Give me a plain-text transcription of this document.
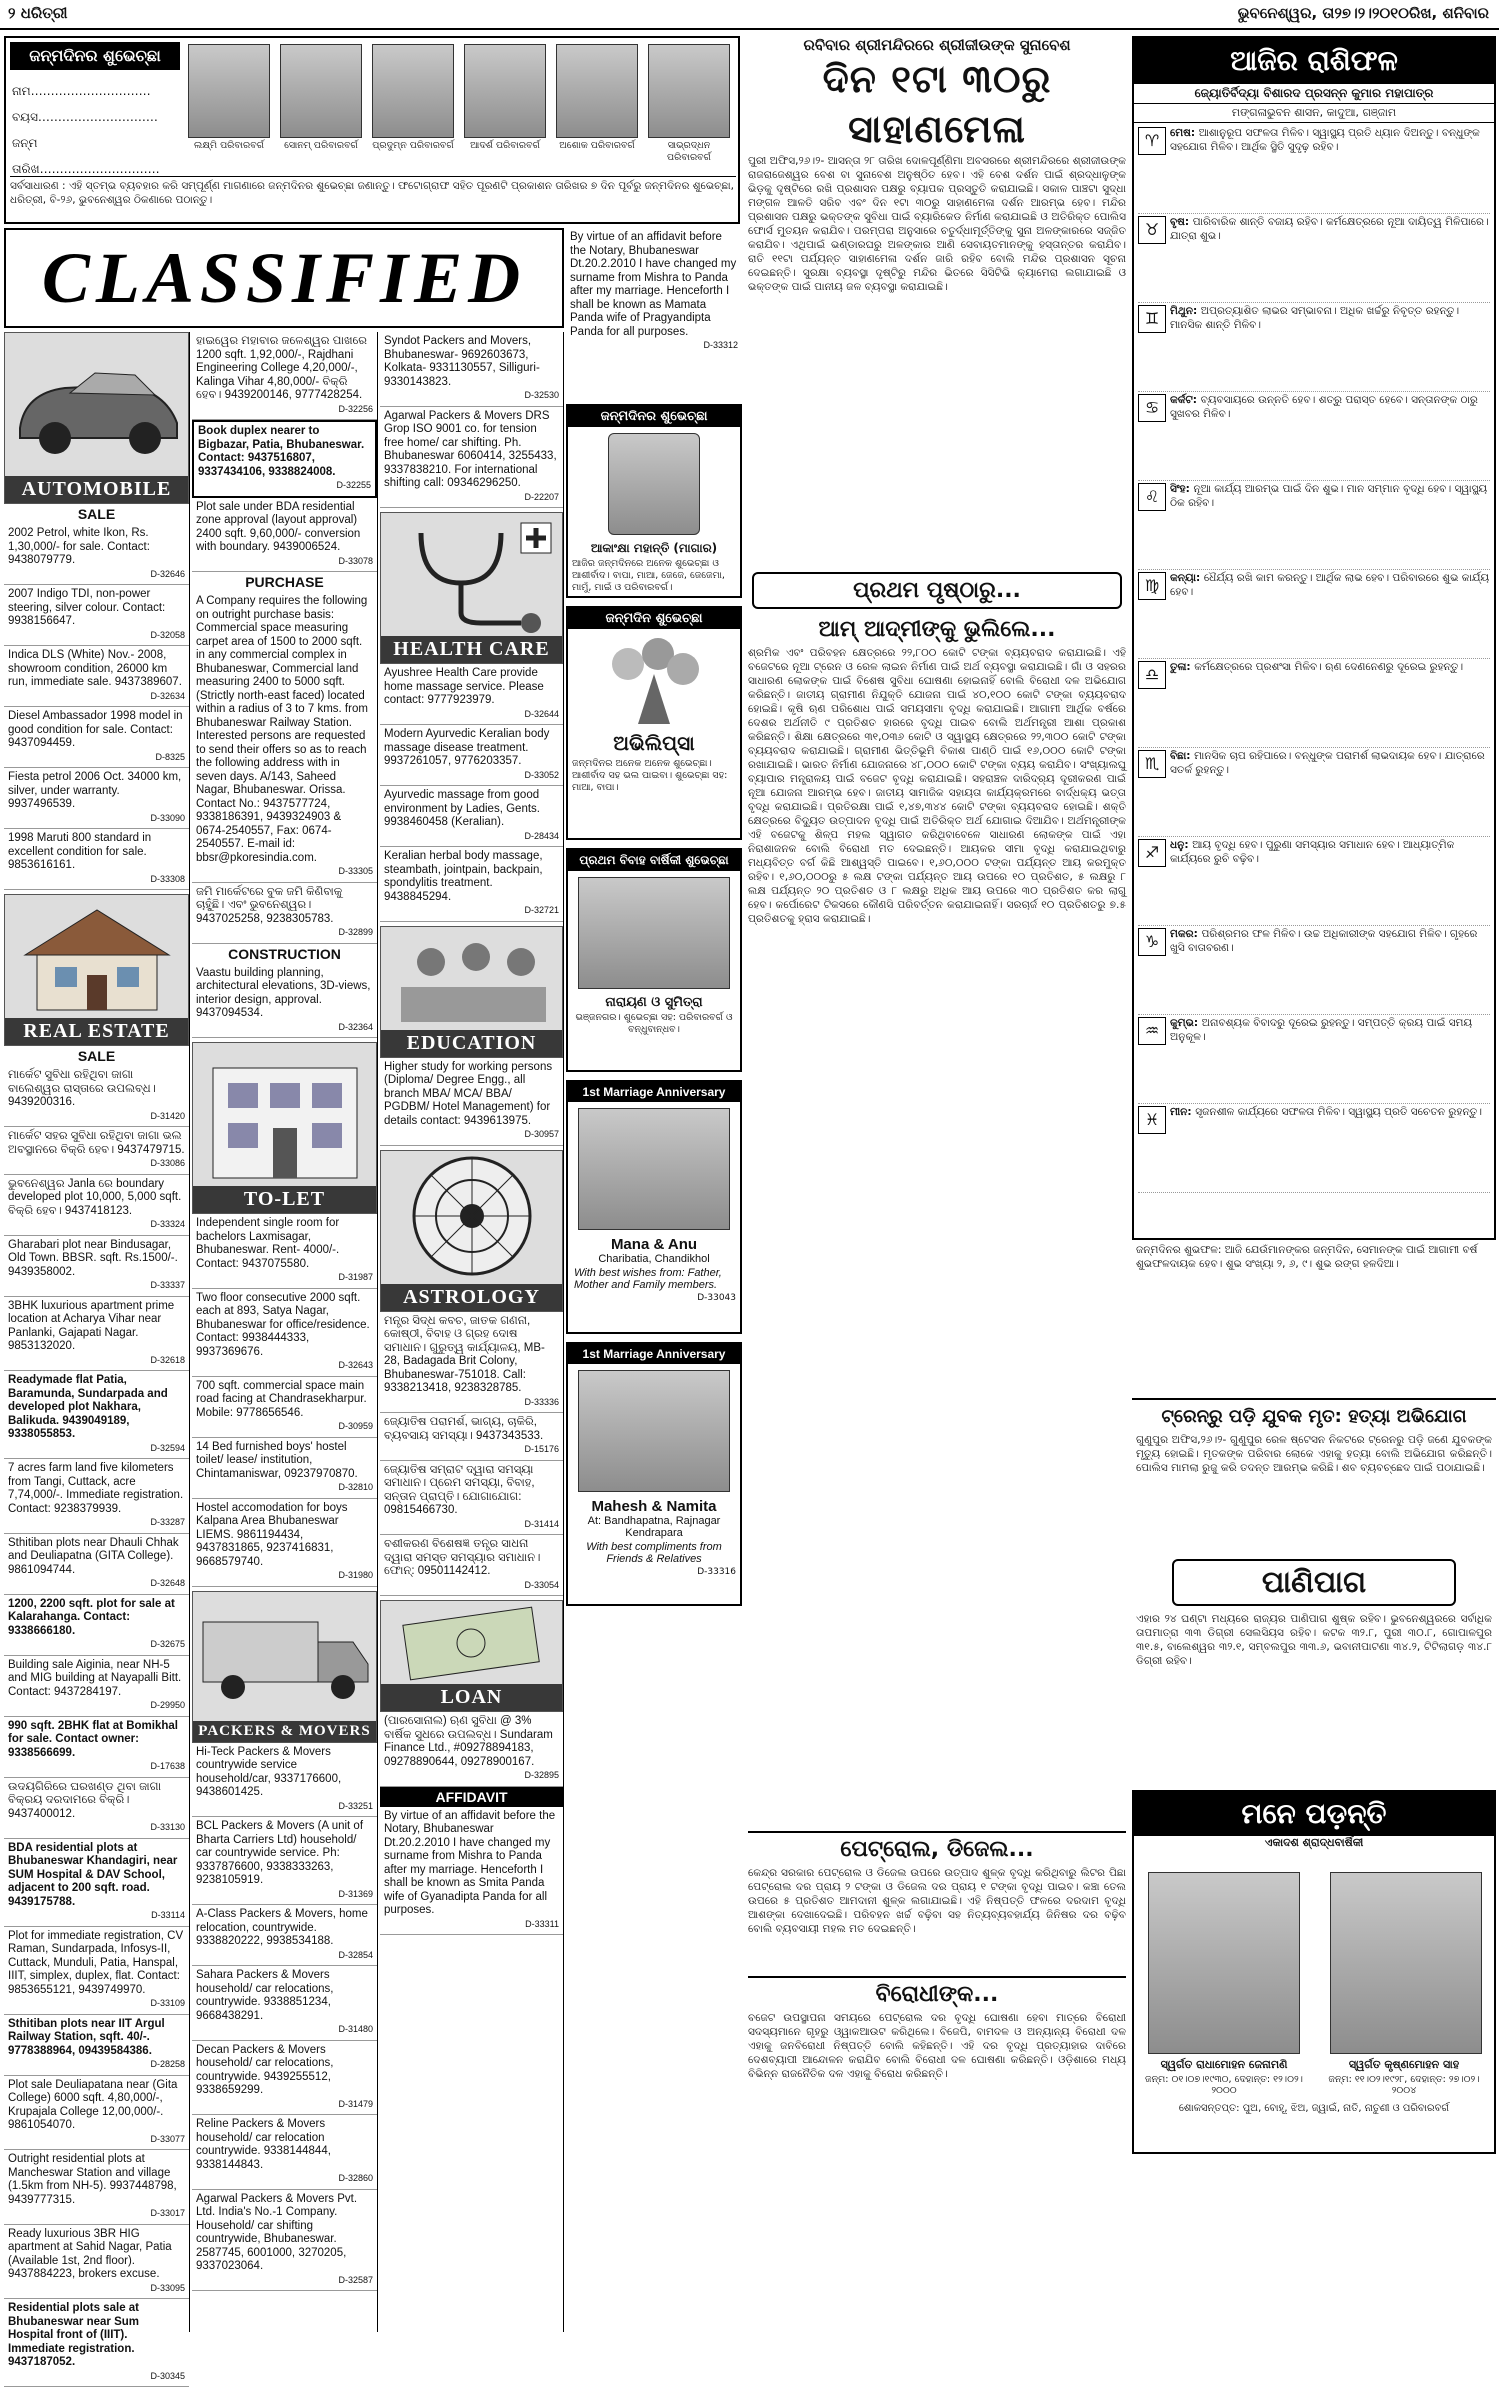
୨ ଧରିତ୍ରୀ	ଭୁବନେଶ୍ୱର, ତା୨୭।୨।୨୦୧୦ରିଖ, ଶନିବାର
ଜନ୍ମଦିନର ଶୁଭେଚ୍ଛା
ନାମ…………………………
ବୟସ…………………………
ଜନ୍ମ ତାରିଖ…………………………
ଲକ୍ଷ୍ମି ପରିବାରବର୍ଗ	ସୋନମ୍ ପରିବାରବର୍ଗ	ପ୍ରଦୁମ୍ନ ପରିବାରବର୍ଗ	ଆଦର୍ଶ ପରିବାରବର୍ଗ	ଅଶୋକ ପରିବାରବର୍ଗ	ସାଭ୍ରଦ୍ଧନ ପରିବାରବର୍ଗ
ସର୍ବସାଧାରଣ : ଏହି ସ୍ତମ୍ଭ ବ୍ୟବହାର କରି ସମ୍ପୂର୍ଣ୍ଣ ମାଗଣାରେ ଜନ୍ମଦିନର ଶୁଭେଚ୍ଛା ଜଣାନ୍ତୁ। ଫଟୋଗ୍ରାଫ ସହିତ ପୂରଣଟି ପ୍ରକାଶନ ତାରିଖର ୭ ଦିନ ପୂର୍ବରୁ ଜନ୍ମଦିନର ଶୁଭେଚ୍ଛା, ଧରିତ୍ରୀ, ବି-୨୬, ଭୁବନେଶ୍ୱର ଠିକଣାରେ ପଠାନ୍ତୁ।
CLASSIFIED
By virtue of an affidavit before the Notary, Bhubaneswar Dt.20.2.2010 I have changed my surname from Mishra to Panda after my marriage. Henceforth I shall be known as Mamata Panda wife of Pragyandipta Panda for all purposes.
D-33312
AUTOMOBILE
SALE
2002 Petrol, white Ikon, Rs. 1,30,000/- for sale. Contact: 9438079779.
D-32646
2007 Indigo TDI, non-power steering, silver colour. Contact: 9938156647.
D-32058
Indica DLS (White) Nov.- 2008, showroom condition, 26000 km run, immediate sale. 9437389607.
D-32634
Diesel Ambassador 1998 model in good condition for sale. Contact: 9437094459.
D-8325
Fiesta petrol 2006 Oct. 34000 km, silver, under warranty. 9937496539.
D-33090
1998 Maruti 800 standard in excellent condition for sale. 9853616161.
D-33308
REAL ESTATE
SALE
ମାର୍କେଟ ସୁବିଧା ରହିଥିବା ଜାଗା ବାଲେଶ୍ୱର ରାସ୍ତାରେ ଉପଲବ୍ଧ। 9439200316.
D-31420
ମାର୍କେଟ ସହର ସୁବିଧା ରହିଥିବା ଜାଗା ଭଲ ଅବସ୍ଥାନରେ ବିକ୍ରି ହେବ। 9437479715.
D-33086
ଭୁବନେଶ୍ୱର Janla ରେ boundary developed plot 10,000, 5,000 sqft. ବିକ୍ରି ହେବ। 9437418123.
D-33324
Gharabari plot near Bindusagar, Old Town. BBSR. sqft. Rs.1500/-. 9439358002.
D-33337
3BHK luxurious apartment prime location at Acharya Vihar near Panlanki, Gajapati Nagar. 9853132020.
D-32618
Readymade flat Patia, Baramunda, Sundarpada and developed plot Nakhara, Balikuda. 9439049189, 9338055853.
D-32594
7 acres farm land five kilometers from Tangi, Cuttack, acre 7,74,000/-. Immediate registration. Contact: 9238379939.
D-33287
Sthitiban plots near Dhauli Chhak and Deuliapatna (GITA College). 9861094744.
D-32648
1200, 2200 sqft. plot for sale at Kalarahanga. Contact: 9338666180.
D-32675
Building sale Aiginia, near NH-5 and MIG building at Nayapalli Bitt. Contact: 9437284197.
D-29950
990 sqft. 2BHK flat at Bomikhal for sale. Contact owner: 9338566699.
D-17638
ଉଦୟଗିରିରେ ଘରଖଣ୍ଡ ଥିବା ଜାଗା ବିକ୍ରୟ ଦରଦାମରେ ବିକ୍ରି। 9437400012.
D-33130
BDA residential plots at Bhubaneswar Khandagiri, near SUM Hospital & DAV School, adjacent to 200 sqft. road. 9439175788.
D-33114
Plot for immediate registration, CV Raman, Sundarpada, Infosys-II, Cuttack, Munduli, Patia, Hanspal, IIIT, simplex, duplex, flat. Contact: 9853655121, 9439749970.
D-33109
Sthitiban plots near IIT Argul Railway Station, sqft. 40/-. 9778388964, 09439584386.
D-28258
Plot sale Deuliapatana near (Gita College) 6000 sqft. 4,80,000/-, Krupajala College 12,00,000/-. 9861054070.
D-33077
Outright residential plots at Mancheswar Station and village (1.5km from NH-5). 9937448798, 9439777315.
D-33017
Ready luxurious 3BR HIG apartment at Sahid Nagar, Patia (Available 1st, 2nd floor). 9437884223, brokers excuse.
D-33095
Residential plots sale at Bhubaneswar near Sum Hospital front of (IIIT). Immediate registration. 9437187052.
D-30345
ହାଇୱେର ମହାବାର ଜଳେଶ୍ୱର ପାଖରେ 1200 sqft. 1,92,000/-, Rajdhani Engineering College 4,20,000/-, Kalinga Vihar 4,80,000/- ବିକ୍ରି ହେବ। 9439200146, 9777428254.
D-32256
Book duplex nearer to Bigbazar, Patia, Bhubaneswar. Contact: 9437516807, 9337434106, 9338824008.
D-32255
Plot sale under BDA residential zone approval (layout approval) 2400 sqft. 9,60,000/- conversion with boundary. 9439006524.
D-33078
PURCHASE
A Company requires the following on outright purchase basis: Commercial space measuring carpet area of 1500 to 2000 sqft. in any commercial complex in Bhubaneswar, Commercial land measuring 2400 to 5000 sqft. (Strictly north-east faced) located within a radius of 3 to 7 kms. from Bhubaneswar Railway Station. Interested persons are requested to send their offers so as to reach the following address with in seven days. A/143, Saheed Nagar, Bhubaneswar. Orissa. Contact No.: 9437577724, 9338186391, 9439324903 & 0674-2540557, Fax: 0674-2540557. E-mail id: bbsr@pkoresindia.com.
D-33305
ଜମି ମାର୍କେଟରେ ବୁକ ଜମି କିଣିବାକୁ ଚାହୁଁଛି। ଏବଂ ଭୁବନେଶ୍ୱର। 9437025258, 9238305783.
D-32899
CONSTRUCTION
Vaastu building planning, architectural elevations, 3D-views, interior design, approval. 9437094534.
D-32364
TO-LET
Independent single room for bachelors Laxmisagar, Bhubaneswar. Rent- 4000/-. Contact: 9437075580.
D-31987
Two floor consecutive 2000 sqft. each at 893, Satya Nagar, Bhubaneswar for office/residence. Contact: 9938444333, 9937369676.
D-32643
700 sqft. commercial space main road facing at Chandrasekharpur. Mobile: 9778656546.
D-30959
14 Bed furnished boys' hostel toilet/ lease/ institution, Chintamaniswar, 09237970870.
D-32810
Hostel accomodation for boys Kalpana Area Bhubaneswar LIEMS. 9861194434, 9437831865, 9237416831, 9668579740.
D-31980
PACKERS & MOVERS
Hi-Teck Packers & Movers countrywide service household/car, 9337176600, 9438601425.
D-33251
BCL Packers & Movers (A unit of Bharta Carriers Ltd) household/ car countrywide service. Ph: 9337876600, 9338333263, 9238105919.
D-31369
A-Class Packers & Movers, home relocation, countrywide. 9338820222, 9938534188.
D-32854
Sahara Packers & Movers household/ car relocations, countrywide. 9338851234, 9668438291.
D-31480
Decan Packers & Movers household/ car relocations, countrywide. 9439255512, 9338659299.
D-31479
Reline Packers & Movers household/ car relocation countrywide. 9338144844, 9338144843.
D-32860
Agarwal Packers & Movers Pvt. Ltd. India's No.-1 Company. Household/ car shifting countrywide, Bhubaneswar. 2587745, 6001000, 3270205, 9337023064.
D-32587
Syndot Packers and Movers, Bhubaneswar- 9692603673, Kolkata- 9331130557, Silliguri- 9330143823.
D-32530
Agarwal Packers & Movers DRS Grop ISO 9001 co. for tension free home/ car shifting. Ph. Bhubaneswar 6060414, 3255433, 9337838210. For international shifting call: 09346296250.
D-22207
HEALTH CARE
Ayushree Health Care provide home massage service. Please contact: 9777923979.
D-32644
Modern Ayurvedic Keralian body massage disease treatment. 9937261057, 9776203357.
D-33052
Ayurvedic massage from good environment by Ladies, Gents. 9938460458 (Keralian).
D-28434
Keralian herbal body massage, steambath, jointpain, backpain, spondylitis treatment. 9438845294.
D-32721
EDUCATION
Higher study for working persons (Diploma/ Degree Engg., all branch MBA/ MCA/ BBA/ PGDBM/ Hotel Management) for details contact: 9439613975.
D-30957
ASTROLOGY
ମନ୍ତ୍ର ସିଦ୍ଧ କବଚ, ଜାତକ ଗଣନା, କୋଷ୍ଠୀ, ବିବାହ ଓ ଗ୍ରହ ଦୋଷ ସମାଧାନ। ଗୁରୁତ୍ୱ କାର୍ଯ୍ୟାଳୟ, MB-28, Badagada Brit Colony, Bhubaneswar-751018. Call: 9338213418, 9238328785.
D-33336
ଜ୍ୟୋତିଷ ପରାମର୍ଶ, ଭାଗ୍ୟ, ଚାକିରି, ବ୍ୟବସାୟ ସମସ୍ୟା। 9437343533.
D-15176
ଜ୍ୟୋତିଷ ସମ୍ରାଟ ଦ୍ୱାରା ସମସ୍ୟା ସମାଧାନ। ପ୍ରେମ ସମସ୍ୟା, ବିବାହ, ସନ୍ତାନ ପ୍ରାପ୍ତି। ଯୋଗାଯୋଗ: 09815466730.
D-31414
ବଶୀକରଣ ବିଶେଷଜ୍ଞ ତନ୍ତ୍ର ସାଧନା ଦ୍ୱାରା ସମସ୍ତ ସମସ୍ୟାର ସମାଧାନ। ଫୋନ୍: 09501142412.
D-33054
LOAN
(ପାରସୋନାଲ) ଋଣ ସୁବିଧା @ 3% ବାର୍ଷିକ ସୁଧରେ ଉପଲବ୍ଧ। Sundaram Finance Ltd., #09278894183, 09278890644, 09278900167.
D-32895
AFFIDAVIT
By virtue of an affidavit before the Notary, Bhubaneswar Dt.20.2.2010 I have changed my surname from Mishra to Panda after my marriage. Henceforth I shall be known as Smita Panda wife of Gyanadipta Panda for all purposes.
D-33311
ଜନ୍ମଦିନର ଶୁଭେଚ୍ଛା
ଆକାଂକ୍ଷା ମହାନ୍ତି (ମାଗାର)
ଆଜିର ଜନ୍ମଦିନରେ ଅନେକ ଶୁଭେଚ୍ଛା ଓ ଆଶୀର୍ବାଦ। ବାପା, ମାଆ, ଜେଜେ, ଜେଜେମା, ମାମୁଁ, ମାଇଁ ଓ ପରିବାରବର୍ଗ।
ଜନ୍ମଦିନ ଶୁଭେଚ୍ଛା
ଅଭିଲିପ୍ସା
ଜନ୍ମଦିନର ଅନେକ ଅନେକ ଶୁଭେଚ୍ଛା। ଆଶୀର୍ବାଦ ସହ ଭଲ ପାଇବା। ଶୁଭେଚ୍ଛା ସହ: ମାଆ, ବାପା।
ପ୍ରଥମ ବିବାହ ବାର୍ଷିକୀ ଶୁଭେଚ୍ଛା
ନାରାୟଣ ଓ ସୁମିତ୍ରା
ଭଞ୍ଜନଗର। ଶୁଭେଚ୍ଛା ସହ: ପରିବାରବର୍ଗ ଓ ବନ୍ଧୁବାନ୍ଧବ।
1st Marriage Anniversary
Mana & Anu
Charibatia, Chandikhol
With best wishes from: Father, Mother and Family members.
D-33043
1st Marriage Anniversary
Mahesh & Namita
At: Bandhapatna, Rajnagar Kendrapara
With best compliments from Friends & Relatives
D-33316
ରବିବାର ଶ୍ରୀମନ୍ଦିରରେ ଶ୍ରୀଜୀଉଙ୍କ ସୁନାବେଶ
ଦିନ ୧ଟା ୩୦ରୁ ସାହାଣମେଳା
ପୁରୀ ଅଫିସ,୨୬।୨- ଆସନ୍ତା ୨୮ ତାରିଖ ଦୋଳପୂର୍ଣ୍ଣିମା ଅବସରରେ ଶ୍ରୀମନ୍ଦିରରେ ଶ୍ରୀଜୀଉଙ୍କ ରାଜରାଜେଶ୍ୱର ବେଶ ବା ସୁନାବେଶ ଅନୁଷ୍ଠିତ ହେବ। ଏହି ବେଶ ଦର୍ଶନ ପାଇଁ ଶ୍ରଦ୍ଧାଳୁଙ୍କ ଭିଡ଼କୁ ଦୃଷ୍ଟିରେ ରଖି ପ୍ରଶାସନ ପକ୍ଷରୁ ବ୍ୟାପକ ପ୍ରସ୍ତୁତି କରାଯାଇଛି। ସକାଳ ପାଞ୍ଚଟା ସୁଦ୍ଧା ମଙ୍ଗଳ ଆଳତି ସରିବ ଏବଂ ଦିନ ୧ଟା ୩୦ରୁ ସାହାଣମେଳା ଦର୍ଶନ ଆରମ୍ଭ ହେବ। ମନ୍ଦିର ପ୍ରଶାସନ ପକ୍ଷରୁ ଭକ୍ତଙ୍କ ସୁବିଧା ପାଇଁ ବ୍ୟାରିକେଡ ନିର୍ମାଣ କରାଯାଇଛି ଓ ଅତିରିକ୍ତ ପୋଲିସ ଫୋର୍ସ ମୁତୟନ କରାଯିବ। ପରମ୍ପରା ଅନୁସାରେ ଚତୁର୍ଦ୍ଧାମୂର୍ତ୍ତିଙ୍କୁ ସୁନା ଅଳଙ୍କାରରେ ସଜ୍ଜିତ କରାଯିବ। ଏଥିପାଇଁ ଭଣ୍ଡାରଘରୁ ଅଳଙ୍କାର ଆଣି ସେବାୟତମାନଙ୍କୁ ହସ୍ତାନ୍ତର କରାଯିବ। ରାତି ୧୧ଟା ପର୍ଯ୍ୟନ୍ତ ସାହାଣମେଳା ଦର୍ଶନ ଜାରି ରହିବ ବୋଲି ମନ୍ଦିର ପ୍ରଶାସନ ସୂଚନା ଦେଇଛନ୍ତି। ସୁରକ୍ଷା ବ୍ୟବସ୍ଥା ଦୃଷ୍ଟିରୁ ମନ୍ଦିର ଭିତରେ ସିସିଟିଭି କ୍ୟାମେରା ଲଗାଯାଇଛି ଓ ଭକ୍ତଙ୍କ ପାଇଁ ପାନୀୟ ଜଳ ବ୍ୟବସ୍ଥା କରାଯାଇଛି।
ପ୍ରଥମ ପୃଷ୍ଠାରୁ...
ଆମ୍ ଆଦ୍ମୀଙ୍କୁ ଭୁଲିଲେ...
ଶ୍ରମିକ ଏବଂ ପରିବହନ କ୍ଷେତ୍ରରେ ୨୨,୮୦୦ କୋଟି ଟଙ୍କା ବ୍ୟୟବରାଦ କରାଯାଇଛି। ଏହି ବଜେଟରେ ନୂଆ ଟ୍ରେନ ଓ ରେଳ ଲାଇନ ନିର୍ମାଣ ପାଇଁ ଅର୍ଥ ବ୍ୟବସ୍ଥା କରାଯାଇଛି। ଗାଁ ଓ ସହରର ସାଧାରଣ ଲୋକଙ୍କ ପାଇଁ ବିଶେଷ ସୁବିଧା ଘୋଷଣା ହୋଇନାହିଁ ବୋଲି ବିରୋଧୀ ଦଳ ଅଭିଯୋଗ କରିଛନ୍ତି। ଜାତୀୟ ଗ୍ରାମୀଣ ନିଯୁକ୍ତି ଯୋଜନା ପାଇଁ ୪୦,୧୦୦ କୋଟି ଟଙ୍କା ବ୍ୟୟବରାଦ ହୋଇଛି। କୃଷି ଋଣ ପରିଶୋଧ ପାଇଁ ସମୟସୀମା ବୃଦ୍ଧି କରାଯାଇଛି। ଆଗାମୀ ଆର୍ଥିକ ବର୍ଷରେ ଦେଶର ଅର୍ଥନୀତି ୯ ପ୍ରତିଶତ ହାରରେ ବୃଦ୍ଧି ପାଇବ ବୋଲି ଅର୍ଥମନ୍ତ୍ରୀ ଆଶା ପ୍ରକାଶ କରିଛନ୍ତି। ଶିକ୍ଷା କ୍ଷେତ୍ରରେ ୩୧,୦୩୬ କୋଟି ଓ ସ୍ୱାସ୍ଥ୍ୟ କ୍ଷେତ୍ରରେ ୨୨,୩୦୦ କୋଟି ଟଙ୍କା ବ୍ୟୟବରାଦ କରାଯାଇଛି। ଗ୍ରାମୀଣ ଭିତ୍ତିଭୂମି ବିକାଶ ପାଣ୍ଠି ପାଇଁ ୧୬,୦୦୦ କୋଟି ଟଙ୍କା ରଖାଯାଇଛି। ଭାରତ ନିର୍ମାଣ ଯୋଜନାରେ ୪୮,୦୦୦ କୋଟି ଟଙ୍କା ବ୍ୟୟ କରାଯିବ। ସଂଖ୍ୟାଲଘୁ ବ୍ୟାପାର ମନ୍ତ୍ରାଳୟ ପାଇଁ ବଜେଟ ବୃଦ୍ଧି କରାଯାଇଛି। ସହରାଞ୍ଚଳ ଦାରିଦ୍ର୍ୟ ଦୂରୀକରଣ ପାଇଁ ନୂଆ ଯୋଜନା ଆରମ୍ଭ ହେବ। ଜାତୀୟ ସାମାଜିକ ସହାୟତା କାର୍ଯ୍ୟକ୍ରମରେ ବାର୍ଦ୍ଧକ୍ୟ ଭତ୍ତା ବୃଦ୍ଧି କରାଯାଇଛି। ପ୍ରତିରକ୍ଷା ପାଇଁ ୧,୪୭,୩୪୪ କୋଟି ଟଙ୍କା ବ୍ୟୟବରାଦ ହୋଇଛି। ଶକ୍ତି କ୍ଷେତ୍ରରେ ବିଦ୍ୟୁତ ଉତ୍ପାଦନ ବୃଦ୍ଧି ପାଇଁ ଅତିରିକ୍ତ ଅର୍ଥ ଯୋଗାଇ ଦିଆଯିବ। ଅର୍ଥମନ୍ତ୍ରୀଙ୍କ ଏହି ବଜେଟକୁ ଶିଳ୍ପ ମହଲ ସ୍ୱାଗତ କରିଥିବାବେଳେ ସାଧାରଣ ଲୋକଙ୍କ ପାଇଁ ଏହା ନିରାଶାଜନକ ବୋଲି ବିରୋଧୀ ମତ ଦେଇଛନ୍ତି। ଆୟକର ସୀମା ବୃଦ୍ଧି କରାଯାଇଥିବାରୁ ମଧ୍ୟବିତ୍ତ ବର୍ଗ କିଛି ଆଶ୍ୱସ୍ତି ପାଇବେ। ୧,୬୦,୦୦୦ ଟଙ୍କା ପର୍ଯ୍ୟନ୍ତ ଆୟ କରମୁକ୍ତ ରହିବ। ୧,୬୦,୦୦୦ରୁ ୫ ଲକ୍ଷ ଟଙ୍କା ପର୍ଯ୍ୟନ୍ତ ଆୟ ଉପରେ ୧୦ ପ୍ରତିଶତ, ୫ ଲକ୍ଷରୁ ୮ ଲକ୍ଷ ପର୍ଯ୍ୟନ୍ତ ୨୦ ପ୍ରତିଶତ ଓ ୮ ଲକ୍ଷରୁ ଅଧିକ ଆୟ ଉପରେ ୩୦ ପ୍ରତିଶତ କର ଲାଗୁ ହେବ। କର୍ପୋରେଟ ଟିକସରେ କୌଣସି ପରିବର୍ତ୍ତନ କରାଯାଇନାହିଁ। ସରଚାର୍ଜ ୧୦ ପ୍ରତିଶତରୁ ୭.୫ ପ୍ରତିଶତକୁ ହ୍ରାସ କରାଯାଇଛି।
ପେଟ୍ରୋଲ, ଡିଜେଲ...
କେନ୍ଦ୍ର ସରକାର ପେଟ୍ରୋଲ ଓ ଡିଜେଲ ଉପରେ ଉତ୍ପାଦ ଶୁଳ୍କ ବୃଦ୍ଧି କରିଥିବାରୁ ଲିଟର ପିଛା ପେଟ୍ରୋଲ ଦର ପ୍ରାୟ ୨ ଟଙ୍କା ଓ ଡିଜେଲ ଦର ପ୍ରାୟ ୧ ଟଙ୍କା ବୃଦ୍ଧି ପାଇବ। କଞ୍ଚା ତେଲ ଉପରେ ୫ ପ୍ରତିଶତ ଆମଦାନୀ ଶୁଳ୍କ ଲଗାଯାଇଛି। ଏହି ନିଷ୍ପତ୍ତି ଫଳରେ ଦରଦାମ ବୃଦ୍ଧି ଆଶଙ୍କା ଦେଖାଦେଇଛି। ପରିବହନ ଖର୍ଚ୍ଚ ବଢ଼ିବା ସହ ନିତ୍ୟବ୍ୟବହାର୍ଯ୍ୟ ଜିନିଷର ଦର ବଢ଼ିବ ବୋଲି ବ୍ୟବସାୟୀ ମହଲ ମତ ଦେଇଛନ୍ତି।
ବିରୋଧୀଙ୍କ...
ବଜେଟ ଉପସ୍ଥାପନା ସମୟରେ ପେଟ୍ରୋଲ ଦର ବୃଦ୍ଧି ଘୋଷଣା ହେବା ମାତ୍ରେ ବିରୋଧୀ ସଦସ୍ୟମାନେ ଗୃହରୁ ଓ୍ୱାକଆଉଟ କରିଥିଲେ। ବିଜେପି, ବାମଦଳ ଓ ଅନ୍ୟାନ୍ୟ ବିରୋଧୀ ଦଳ ଏହାକୁ ଜନବିରୋଧୀ ନିଷ୍ପତ୍ତି ବୋଲି କହିଛନ୍ତି। ଏହି ଦର ବୃଦ୍ଧି ପ୍ରତ୍ୟାହାର ଦାବିରେ ଦେଶବ୍ୟାପୀ ଆନ୍ଦୋଳନ କରାଯିବ ବୋଲି ବିରୋଧୀ ଦଳ ଘୋଷଣା କରିଛନ୍ତି। ଓଡ଼ିଶାରେ ମଧ୍ୟ ବିଭିନ୍ନ ରାଜନୈତିକ ଦଳ ଏହାକୁ ବିରୋଧ କରିଛନ୍ତି।
ଆଜିର ରାଶିଫଳ
ଜ୍ୟୋତିର୍ବିଦ୍ୟା ବିଶାରଦ ପ୍ରସନ୍ନ କୁମାର ମହାପାତ୍ର
ମଙ୍ଗଳାଭୁବନ ଶାସନ, କାଦୁଆ, ଗଞ୍ଜାମ
♈	ମେଷ: ଆଶାନୁରୂପ ସଫଳତା ମିଳିବ। ସ୍ୱାସ୍ଥ୍ୟ ପ୍ରତି ଧ୍ୟାନ ଦିଅନ୍ତୁ। ବନ୍ଧୁଙ୍କ ସହଯୋଗ ମିଳିବ। ଆର୍ଥିକ ସ୍ଥିତି ସୁଦୃଢ଼ ରହିବ।
♉	ବୃଷ: ପାରିବାରିକ ଶାନ୍ତି ବଜାୟ ରହିବ। କର୍ମକ୍ଷେତ୍ରରେ ନୂଆ ଦାୟିତ୍ୱ ମିଳିପାରେ। ଯାତ୍ରା ଶୁଭ।
♊	ମିଥୁନ: ଅପ୍ରତ୍ୟାଶିତ ଲାଭର ସମ୍ଭାବନା। ଅଧିକ ଖର୍ଚ୍ଚରୁ ନିବୃତ୍ତ ରହନ୍ତୁ। ମାନସିକ ଶାନ୍ତି ମିଳିବ।
♋	କର୍କଟ: ବ୍ୟବସାୟରେ ଉନ୍ନତି ହେବ। ଶତ୍ରୁ ପରାସ୍ତ ହେବେ। ସନ୍ତାନଙ୍କ ଠାରୁ ସୁଖବର ମିଳିବ।
♌	ସିଂହ: ନୂଆ କାର୍ଯ୍ୟ ଆରମ୍ଭ ପାଇଁ ଦିନ ଶୁଭ। ମାନ ସମ୍ମାନ ବୃଦ୍ଧି ହେବ। ସ୍ୱାସ୍ଥ୍ୟ ଠିକ ରହିବ।
♍	କନ୍ୟା: ଧୈର୍ଯ୍ୟ ରଖି କାମ କରନ୍ତୁ। ଆର୍ଥିକ ଲାଭ ହେବ। ପରିବାରରେ ଶୁଭ କାର୍ଯ୍ୟ ହେବ।
♎	ତୁଳା: କର୍ମକ୍ଷେତ୍ରରେ ପ୍ରଶଂସା ମିଳିବ। ଋଣ ଦେଣନେଣରୁ ଦୂରେଇ ରୁହନ୍ତୁ।
♏	ବିଛା: ମାନସିକ ଚାପ ରହିପାରେ। ବନ୍ଧୁଙ୍କ ପରାମର୍ଶ ଲାଭଦାୟକ ହେବ। ଯାତ୍ରାରେ ସତର୍କ ରୁହନ୍ତୁ।
♐	ଧନୁ: ଆୟ ବୃଦ୍ଧି ହେବ। ପୁରୁଣା ସମସ୍ୟାର ସମାଧାନ ହେବ। ଆଧ୍ୟାତ୍ମିକ କାର୍ଯ୍ୟରେ ରୁଚି ବଢ଼ିବ।
♑	ମକର: ପରିଶ୍ରମର ଫଳ ମିଳିବ। ଉଚ୍ଚ ଅଧିକାରୀଙ୍କ ସହଯୋଗ ମିଳିବ। ଗୃହରେ ଖୁସି ବାତାବରଣ।
♒	କୁମ୍ଭ: ଅନାବଶ୍ୟକ ବିବାଦରୁ ଦୂରେଇ ରୁହନ୍ତୁ। ସମ୍ପତ୍ତି କ୍ରୟ ପାଇଁ ସମୟ ଅନୁକୂଳ।
♓	ମୀନ: ସୃଜନଶୀଳ କାର୍ଯ୍ୟରେ ସଫଳତା ମିଳିବ। ସ୍ୱାସ୍ଥ୍ୟ ପ୍ରତି ସଚେତନ ରୁହନ୍ତୁ।
ଜନ୍ମଦିନର ଶୁଭଫଳ: ଆଜି ଯେଉଁମାନଙ୍କର ଜନ୍ମଦିନ, ସେମାନଙ୍କ ପାଇଁ ଆଗାମୀ ବର୍ଷ ଶୁଭଫଳଦାୟକ ହେବ। ଶୁଭ ସଂଖ୍ୟା ୨, ୬, ୯। ଶୁଭ ରଙ୍ଗ ହଳଦିଆ।
ଟ୍ରେନ୍‌ରୁ ପଡ଼ି ଯୁବକ ମୃତ: ହତ୍ୟା ଅଭିଯୋଗ
ଗୁଣୁପୁର ଅଫିସ,୨୬।୨- ଗୁଣୁପୁର ରେଳ ଷ୍ଟେସନ ନିକଟରେ ଟ୍ରେନରୁ ପଡ଼ି ଜଣେ ଯୁବକଙ୍କ ମୃତ୍ୟୁ ହୋଇଛି। ମୃତକଙ୍କ ପରିବାର ଲୋକେ ଏହାକୁ ହତ୍ୟା ବୋଲି ଅଭିଯୋଗ କରିଛନ୍ତି। ପୋଲିସ ମାମଲା ରୁଜୁ କରି ତଦନ୍ତ ଆରମ୍ଭ କରିଛି। ଶବ ବ୍ୟବଚ୍ଛେଦ ପାଇଁ ପଠାଯାଇଛି।
ପାଣିପାଗ
ଏହାର ୨୪ ଘଣ୍ଟା ମଧ୍ୟରେ ରାଜ୍ୟର ପାଣିପାଗ ଶୁଷ୍କ ରହିବ। ଭୁବନେଶ୍ୱରରେ ସର୍ବାଧିକ ତାପମାତ୍ରା ୩୩ ଡିଗ୍ରୀ ସେଲସିୟସ ରହିବ। କଟକ ୩୨.୮, ପୁରୀ ୩୦.୮, ଗୋପାଳପୁର ୩୧.୫, ବାଲେଶ୍ୱର ୩୨.୧, ସମ୍ବଲପୁର ୩୩.୬, ଭବାନୀପାଟଣା ୩୪.୨, ଟିଟିଲାଗଡ଼ ୩୪.୮ ଡିଗ୍ରୀ ରହିବ।
ମନେ ପଡ଼ନ୍ତି
ଏକାଦଶ ଶ୍ରାଦ୍ଧବାର୍ଷିକୀ
ସ୍ୱର୍ଗତ ରାଧାମୋହନ ଜେନାମଣି
ଜନ୍ମ: ୦୧।୦୭।୧୯୩୦, ଦେହାନ୍ତ: ୧୨।୦୨।୨୦୦୦
ସ୍ୱର୍ଗତ କୃଷ୍ଣମୋହନ ସାହ
ଜନ୍ମ: ୧୧।୦୨।୧୯୨୮, ଦେହାନ୍ତ: ୨୭।୦୨।୨୦୦୪
ଶୋକସନ୍ତପ୍ତ: ପୁଅ, ବୋହୂ, ଝିଅ, ଜ୍ୱାଇଁ, ନାତି, ନାତୁଣୀ ଓ ପରିବାରବର୍ଗ
